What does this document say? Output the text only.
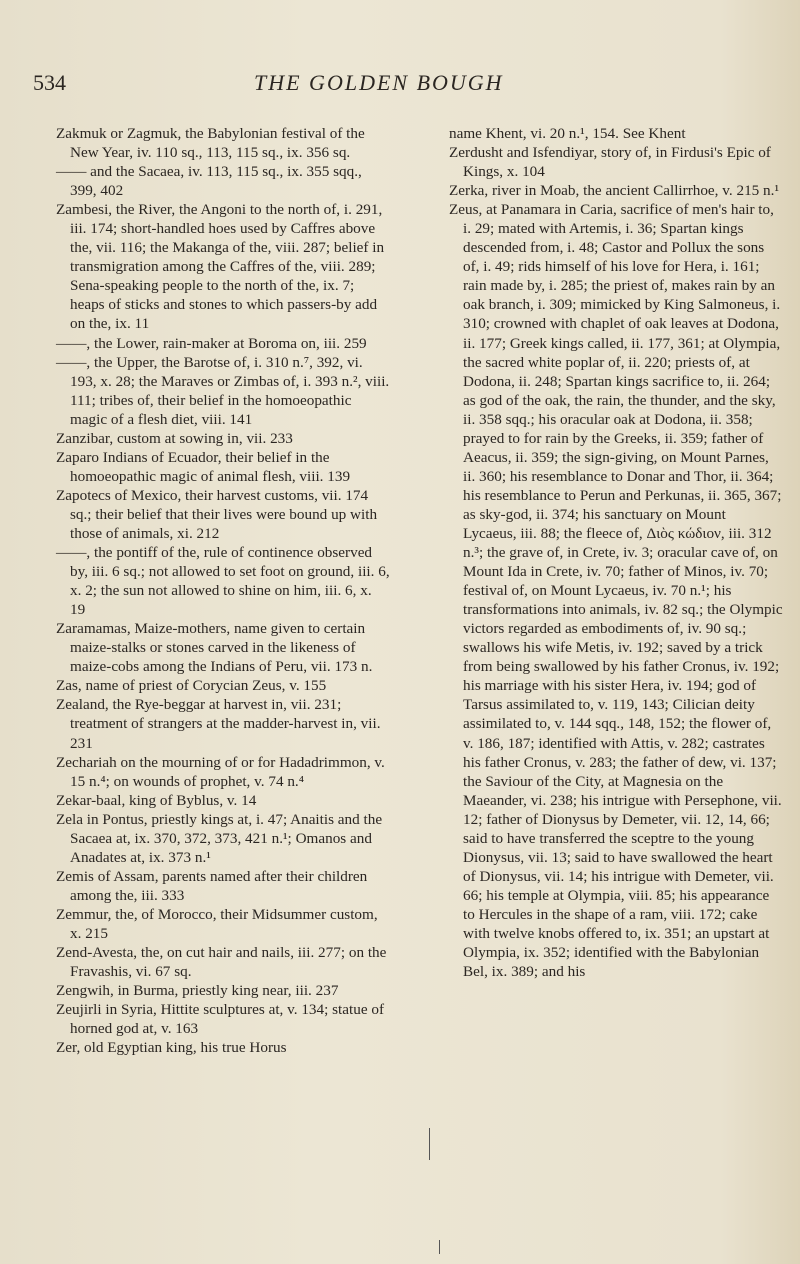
534	THE GOLDEN BOUGH
Zakmuk or Zagmuk, the Babylonian festival of the New Year, iv. 110 sq., 113, 115 sq., ix. 356 sq.
—— and the Sacaea, iv. 113, 115 sq., ix. 355 sqq., 399, 402
Zambesi, the River, the Angoni to the north of, i. 291, iii. 174; short-handled hoes used by Caffres above the, vii. 116; the Makanga of the, viii. 287; belief in transmigration among the Caffres of the, viii. 289; Sena-speaking people to the north of the, ix. 7; heaps of sticks and stones to which passers-by add on the, ix. 11
——, the Lower, rain-maker at Boroma on, iii. 259
——, the Upper, the Barotse of, i. 310 n.⁷, 392, vi. 193, x. 28; the Maraves or Zimbas of, i. 393 n.², viii. 111; tribes of, their belief in the homoeopathic magic of a flesh diet, viii. 141
Zanzibar, custom at sowing in, vii. 233
Zaparo Indians of Ecuador, their belief in the homoeopathic magic of animal flesh, viii. 139
Zapotecs of Mexico, their harvest customs, vii. 174 sq.; their belief that their lives were bound up with those of animals, xi. 212
——, the pontiff of the, rule of continence observed by, iii. 6 sq.; not allowed to set foot on ground, iii. 6, x. 2; the sun not allowed to shine on him, iii. 6, x. 19
Zaramamas, Maize-mothers, name given to certain maize-stalks or stones carved in the likeness of maize-cobs among the Indians of Peru, vii. 173 n.
Zas, name of priest of Corycian Zeus, v. 155
Zealand, the Rye-beggar at harvest in, vii. 231; treatment of strangers at the madder-harvest in, vii. 231
Zechariah on the mourning of or for Hadadrimmon, v. 15 n.⁴; on wounds of prophet, v. 74 n.⁴
Zekar-baal, king of Byblus, v. 14
Zela in Pontus, priestly kings at, i. 47; Anaitis and the Sacaea at, ix. 370, 372, 373, 421 n.¹; Omanos and Anadates at, ix. 373 n.¹
Zemis of Assam, parents named after their children among the, iii. 333
Zemmur, the, of Morocco, their Midsummer custom, x. 215
Zend-Avesta, the, on cut hair and nails, iii. 277; on the Fravashis, vi. 67 sq.
Zengwih, in Burma, priestly king near, iii. 237
Zeujirli in Syria, Hittite sculptures at, v. 134; statue of horned god at, v. 163
Zer, old Egyptian king, his true Horus
name Khent, vi. 20 n.¹, 154. See Khent
Zerdusht and Isfendiyar, story of, in Firdusi's Epic of Kings, x. 104
Zerka, river in Moab, the ancient Callirrhoe, v. 215 n.¹
Zeus, at Panamara in Caria, sacrifice of men's hair to, i. 29; mated with Artemis, i. 36; Spartan kings descended from, i. 48; Castor and Pollux the sons of, i. 49; rids himself of his love for Hera, i. 161; rain made by, i. 285; the priest of, makes rain by an oak branch, i. 309; mimicked by King Salmoneus, i. 310; crowned with chaplet of oak leaves at Dodona, ii. 177; Greek kings called, ii. 177, 361; at Olympia, the sacred white poplar of, ii. 220; priests of, at Dodona, ii. 248; Spartan kings sacrifice to, ii. 264; as god of the oak, the rain, the thunder, and the sky, ii. 358 sqq.; his oracular oak at Dodona, ii. 358; prayed to for rain by the Greeks, ii. 359; father of Aeacus, ii. 359; the sign-giving, on Mount Parnes, ii. 360; his resemblance to Donar and Thor, ii. 364; his resemblance to Perun and Perkunas, ii. 365, 367; as sky-god, ii. 374; his sanctuary on Mount Lycaeus, iii. 88; the fleece of, Διὸς κώδιον, iii. 312 n.³; the grave of, in Crete, iv. 3; oracular cave of, on Mount Ida in Crete, iv. 70; father of Minos, iv. 70; festival of, on Mount Lycaeus, iv. 70 n.¹; his transformations into animals, iv. 82 sq.; the Olympic victors regarded as embodiments of, iv. 90 sq.; swallows his wife Metis, iv. 192; saved by a trick from being swallowed by his father Cronus, iv. 192; his marriage with his sister Hera, iv. 194; god of Tarsus assimilated to, v. 119, 143; Cilician deity assimilated to, v. 144 sqq., 148, 152; the flower of, v. 186, 187; identified with Attis, v. 282; castrates his father Cronus, v. 283; the father of dew, vi. 137; the Saviour of the City, at Magnesia on the Maeander, vi. 238; his intrigue with Persephone, vii. 12; father of Dionysus by Demeter, vii. 12, 14, 66; said to have transferred the sceptre to the young Dionysus, vii. 13; said to have swallowed the heart of Dionysus, vii. 14; his intrigue with Demeter, vii. 66; his temple at Olympia, viii. 85; his appearance to Hercules in the shape of a ram, viii. 172; cake with twelve knobs offered to, ix. 351; an upstart at Olympia, ix. 352; identified with the Babylonian Bel, ix. 389; and his
